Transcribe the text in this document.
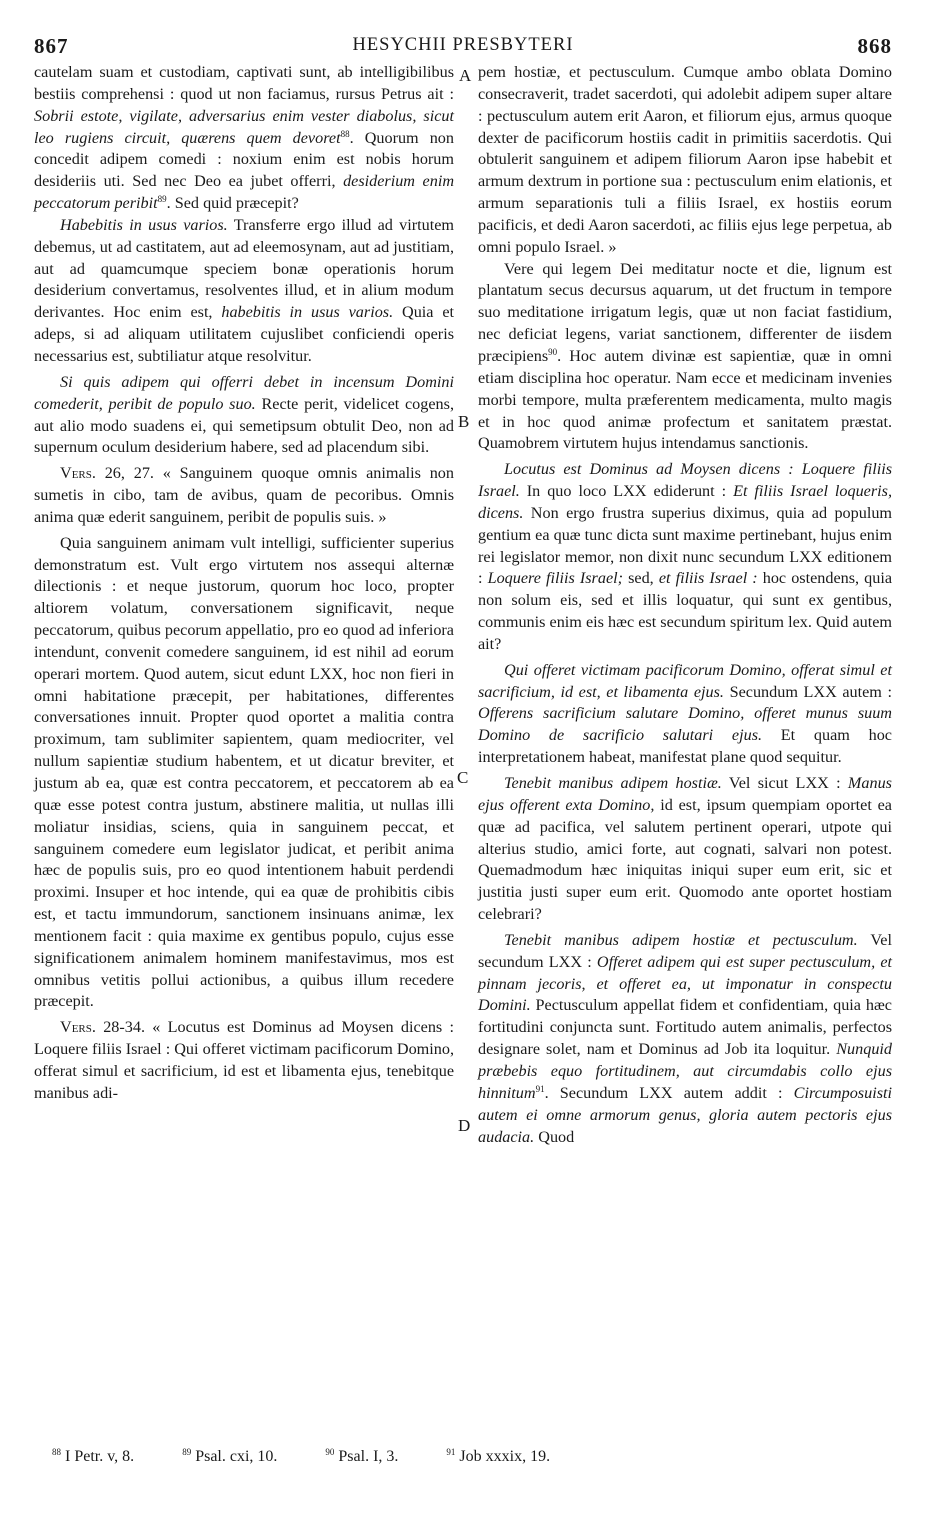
867	HESYCHII PRESBYTERI	868
A
B
C
D

cautelam suam et custodiam, captivati sunt, ab intelligibilibus bestiis comprehensi : quod ut non faciamus, rursus Petrus ait : Sobrii estote, vigilate, adversarius enim vester diabolus, sicut leo rugiens circuit, quærens quem devoret$^{88}$. Quorum non concedit adipem comedi : noxium enim est nobis horum desideriis uti. Sed nec Deo ea jubet offerri, desiderium enim peccatorum peribit$^{89}$. Sed quid præcepit?

Habebitis in usus varios. Transferre ergo illud ad virtutem debemus, ut ad castitatem, aut ad eleemosynam, aut ad justitiam, aut ad quamcumque speciem bonæ operationis horum desiderium convertamus, resolventes illud, et in alium modum derivantes. Hoc enim est, habebitis in usus varios. Quia et adeps, si ad aliquam utilitatem cujuslibet conficiendi operis necessarius est, subtiliatur atque resolvitur.

Si quis adipem qui offerri debet in incensum Domini comederit, peribit de populo suo. Recte perit, videlicet cogens, aut alio modo suadens ei, qui semetipsum obtulit Deo, non ad supernum oculum desiderium habere, sed ad placendum sibi.

Vers. 26, 27. « Sanguinem quoque omnis animalis non sumetis in cibo, tam de avibus, quam de pecoribus. Omnis anima quæ ederit sanguinem, peribit de populis suis. »

Quia sanguinem animam vult intelligi, sufficienter superius demonstratum est. Vult ergo virtutem nos assequi alternæ dilectionis : et neque justorum, quorum hoc loco, propter altiorem volatum, conversationem significavit, neque peccatorum, quibus pecorum appellatio, pro eo quod ad inferiora intendunt, convenit comedere sanguinem, id est nihil ad eorum operari mortem. Quod autem, sicut edunt LXX, hoc non fieri in omni habitatione præcepit, per habitationes, differentes conversationes innuit. Propter quod oportet a malitia contra proximum, tam sublimiter sapientem, quam mediocriter, vel nullum sapientiæ studium habentem, et ut dicatur breviter, et justum ab ea, quæ est contra peccatorem, et peccatorem ab ea quæ esse potest contra justum, abstinere malitia, ut nullas illi moliatur insidias, sciens, quia in sanguinem peccat, et sanguinem comedere eum legislator judicat, et peribit anima hæc de populis suis, pro eo quod intentionem habuit perdendi proximi. Insuper et hoc intende, qui ea quæ de prohibitis cibis est, et tactu immundorum, sanctionem insinuans animæ, lex mentionem facit : quia maxime ex gentibus populo, cujus esse significationem animalem hominem manifestavimus, mos est omnibus vetitis pollui actionibus, a quibus illum recedere præcepit.

Vers. 28-34. « Locutus est Dominus ad Moysen dicens : Loquere filiis Israel : Qui offeret victimam pacificorum Domino, offerat simul et sacrificium, id est et libamenta ejus, tenebitque manibus adi-

pem hostiæ, et pectusculum. Cumque ambo oblata Domino consecraverit, tradet sacerdoti, qui adolebit adipem super altare : pectusculum autem erit Aaron, et filiorum ejus, armus quoque dexter de pacificorum hostiis cadit in primitiis sacerdotis. Qui obtulerit sanguinem et adipem filiorum Aaron ipse habebit et armum dextrum in portione sua : pectusculum enim elationis, et armum separationis tuli a filiis Israel, ex hostiis eorum pacificis, et dedi Aaron sacerdoti, ac filiis ejus lege perpetua, ab omni populo Israel. »

Vere qui legem Dei meditatur nocte et die, lignum est plantatum secus decursus aquarum, ut det fructum in tempore suo meditatione irrigatum legis, quæ ut non faciat fastidium, nec deficiat legens, variat sanctionem, differenter de iisdem præcipiens$^{90}$. Hoc autem divinæ est sapientiæ, quæ in omni etiam disciplina hoc operatur. Nam ecce et medicinam invenies morbi tempore, multa præferentem medicamenta, multo magis et in hoc quod animæ profectum et sanitatem præstat. Quamobrem virtutem hujus intendamus sanctionis.

Locutus est Dominus ad Moysen dicens : Loquere filiis Israel. In quo loco LXX ediderunt : Et filiis Israel loqueris, dicens. Non ergo frustra superius diximus, quia ad populum gentium ea quæ tunc dicta sunt maxime pertinebant, hujus enim rei legislator memor, non dixit nunc secundum LXX editionem : Loquere filiis Israel; sed, et filiis Israel : hoc ostendens, quia non solum eis, sed et illis loquatur, qui sunt ex gentibus, communis enim eis hæc est secundum spiritum lex. Quid autem ait?

Qui offeret victimam pacificorum Domino, offerat simul et sacrificium, id est, et libamenta ejus. Secundum LXX autem : Offerens sacrificium salutare Domino, offeret munus suum Domino de sacrificio salutari ejus. Et quam hoc interpretationem habeat, manifestat plane quod sequitur.

Tenebit manibus adipem hostiæ. Vel sicut LXX : Manus ejus offerent exta Domino, id est, ipsum quempiam oportet ea quæ ad pacifica, vel salutem pertinent operari, utpote qui alterius studio, amici forte, aut cognati, salvari non potest. Quemadmodum hæc iniquitas iniqui super eum erit, sic et justitia justi super eum erit. Quomodo ante oportet hostiam celebrari?

Tenebit manibus adipem hostiæ et pectusculum. Vel secundum LXX : Offeret adipem qui est super pectusculum, et pinnam jecoris, et offeret ea, ut imponatur in conspectu Domini. Pectusculum appellat fidem et confidentiam, quia hæc fortitudini conjuncta sunt. Fortitudo autem animalis, perfectos designare solet, nam et Dominus ad Job ita loquitur. Nunquid præbebis equo fortitudinem, aut circumdabis collo ejus hinnitum$^{91}$. Secundum LXX autem addit : Circumposuisti autem ei omne armorum genus, gloria autem pectoris ejus audacia. Quod

$^{88}$ I Petr. v, 8.	$^{89}$ Psal. cxi, 10.	$^{90}$ Psal. I, 3.	$^{91}$ Job xxxix, 19.
